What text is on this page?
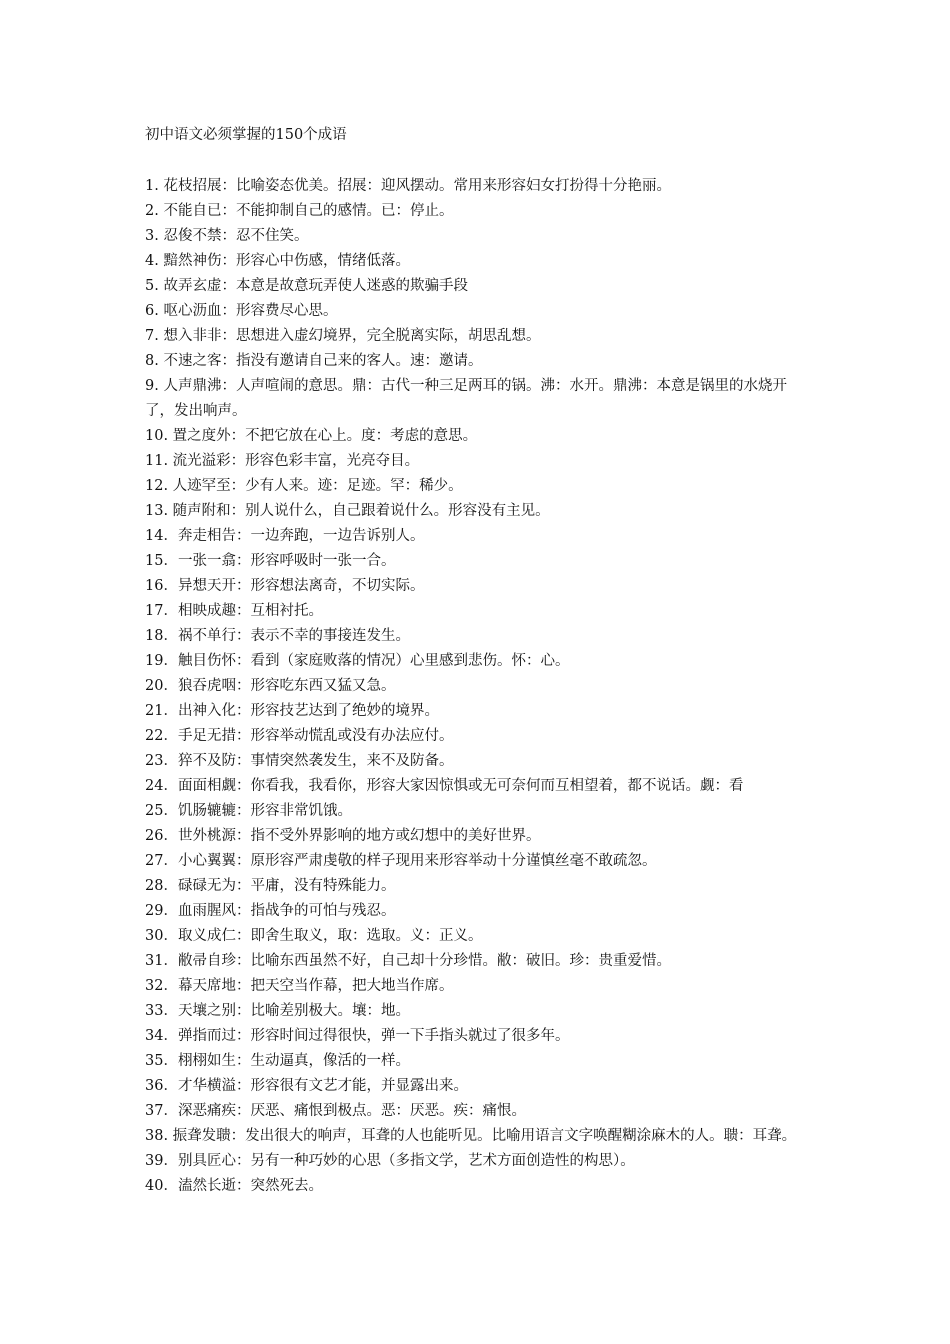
初中语文必须掌握的150个成语
1. 花枝招展：比喻姿态优美。招展：迎风摆动。常用来形容妇女打扮得十分艳丽。
2. 不能自已：不能抑制自己的感情。已：停止。
3. 忍俊不禁：忍不住笑。
4. 黯然神伤：形容心中伤感，情绪低落。
5. 故弄玄虚：本意是故意玩弄使人迷惑的欺骗手段
6. 呕心沥血：形容费尽心思。
7. 想入非非：思想进入虚幻境界，完全脱离实际，胡思乱想。
8. 不速之客：指没有邀请自己来的客人。速：邀请。
9. 人声鼎沸：人声喧闹的意思。鼎：古代一种三足两耳的锅。沸：水开。鼎沸：本意是锅里的水烧开了，发出响声。
10. 置之度外：不把它放在心上。度：考虑的意思。
11. 流光溢彩：形容色彩丰富，光亮夺目。
12. 人迹罕至：少有人来。迹：足迹。罕：稀少。
13. 随声附和：别人说什么，自己跟着说什么。形容没有主见。
14．奔走相告：一边奔跑，一边告诉别人。
15．一张一翕：形容呼吸时一张一合。
16．异想天开：形容想法离奇，不切实际。
17．相映成趣：互相衬托。
18．祸不单行：表示不幸的事接连发生。
19．触目伤怀：看到（家庭败落的情况）心里感到悲伤。怀：心。
20．狼吞虎咽：形容吃东西又猛又急。
21．出神入化：形容技艺达到了绝妙的境界。
22．手足无措：形容举动慌乱或没有办法应付。
23．猝不及防：事情突然袭发生，来不及防备。
24．面面相觑：你看我，我看你，形容大家因惊惧或无可奈何而互相望着，都不说话。觑：看
25．饥肠辘辘：形容非常饥饿。
26．世外桃源：指不受外界影响的地方或幻想中的美好世界。
27．小心翼翼：原形容严肃虔敬的样子现用来形容举动十分谨慎丝毫不敢疏忽。
28．碌碌无为：平庸，没有特殊能力。
29．血雨腥风：指战争的可怕与残忍。
30．取义成仁：即舍生取义，取：选取。义：正义。
31．敝帚自珍：比喻东西虽然不好，自己却十分珍惜。敝：破旧。珍：贵重爱惜。
32．幕天席地：把天空当作幕，把大地当作席。
33．天壤之别：比喻差别极大。壤：地。
34．弹指而过：形容时间过得很快，弹一下手指头就过了很多年。
35．栩栩如生：生动逼真，像活的一样。
36．才华横溢：形容很有文艺才能，并显露出来。
37．深恶痛疾：厌恶、痛恨到极点。恶：厌恶。疾：痛恨。
38. 振聋发聩：发出很大的响声，耳聋的人也能听见。比喻用语言文字唤醒糊涂麻木的人。聩：耳聋。
39．别具匠心：另有一种巧妙的心思（多指文学，艺术方面创造性的构思）。
40．溘然长逝：突然死去。
